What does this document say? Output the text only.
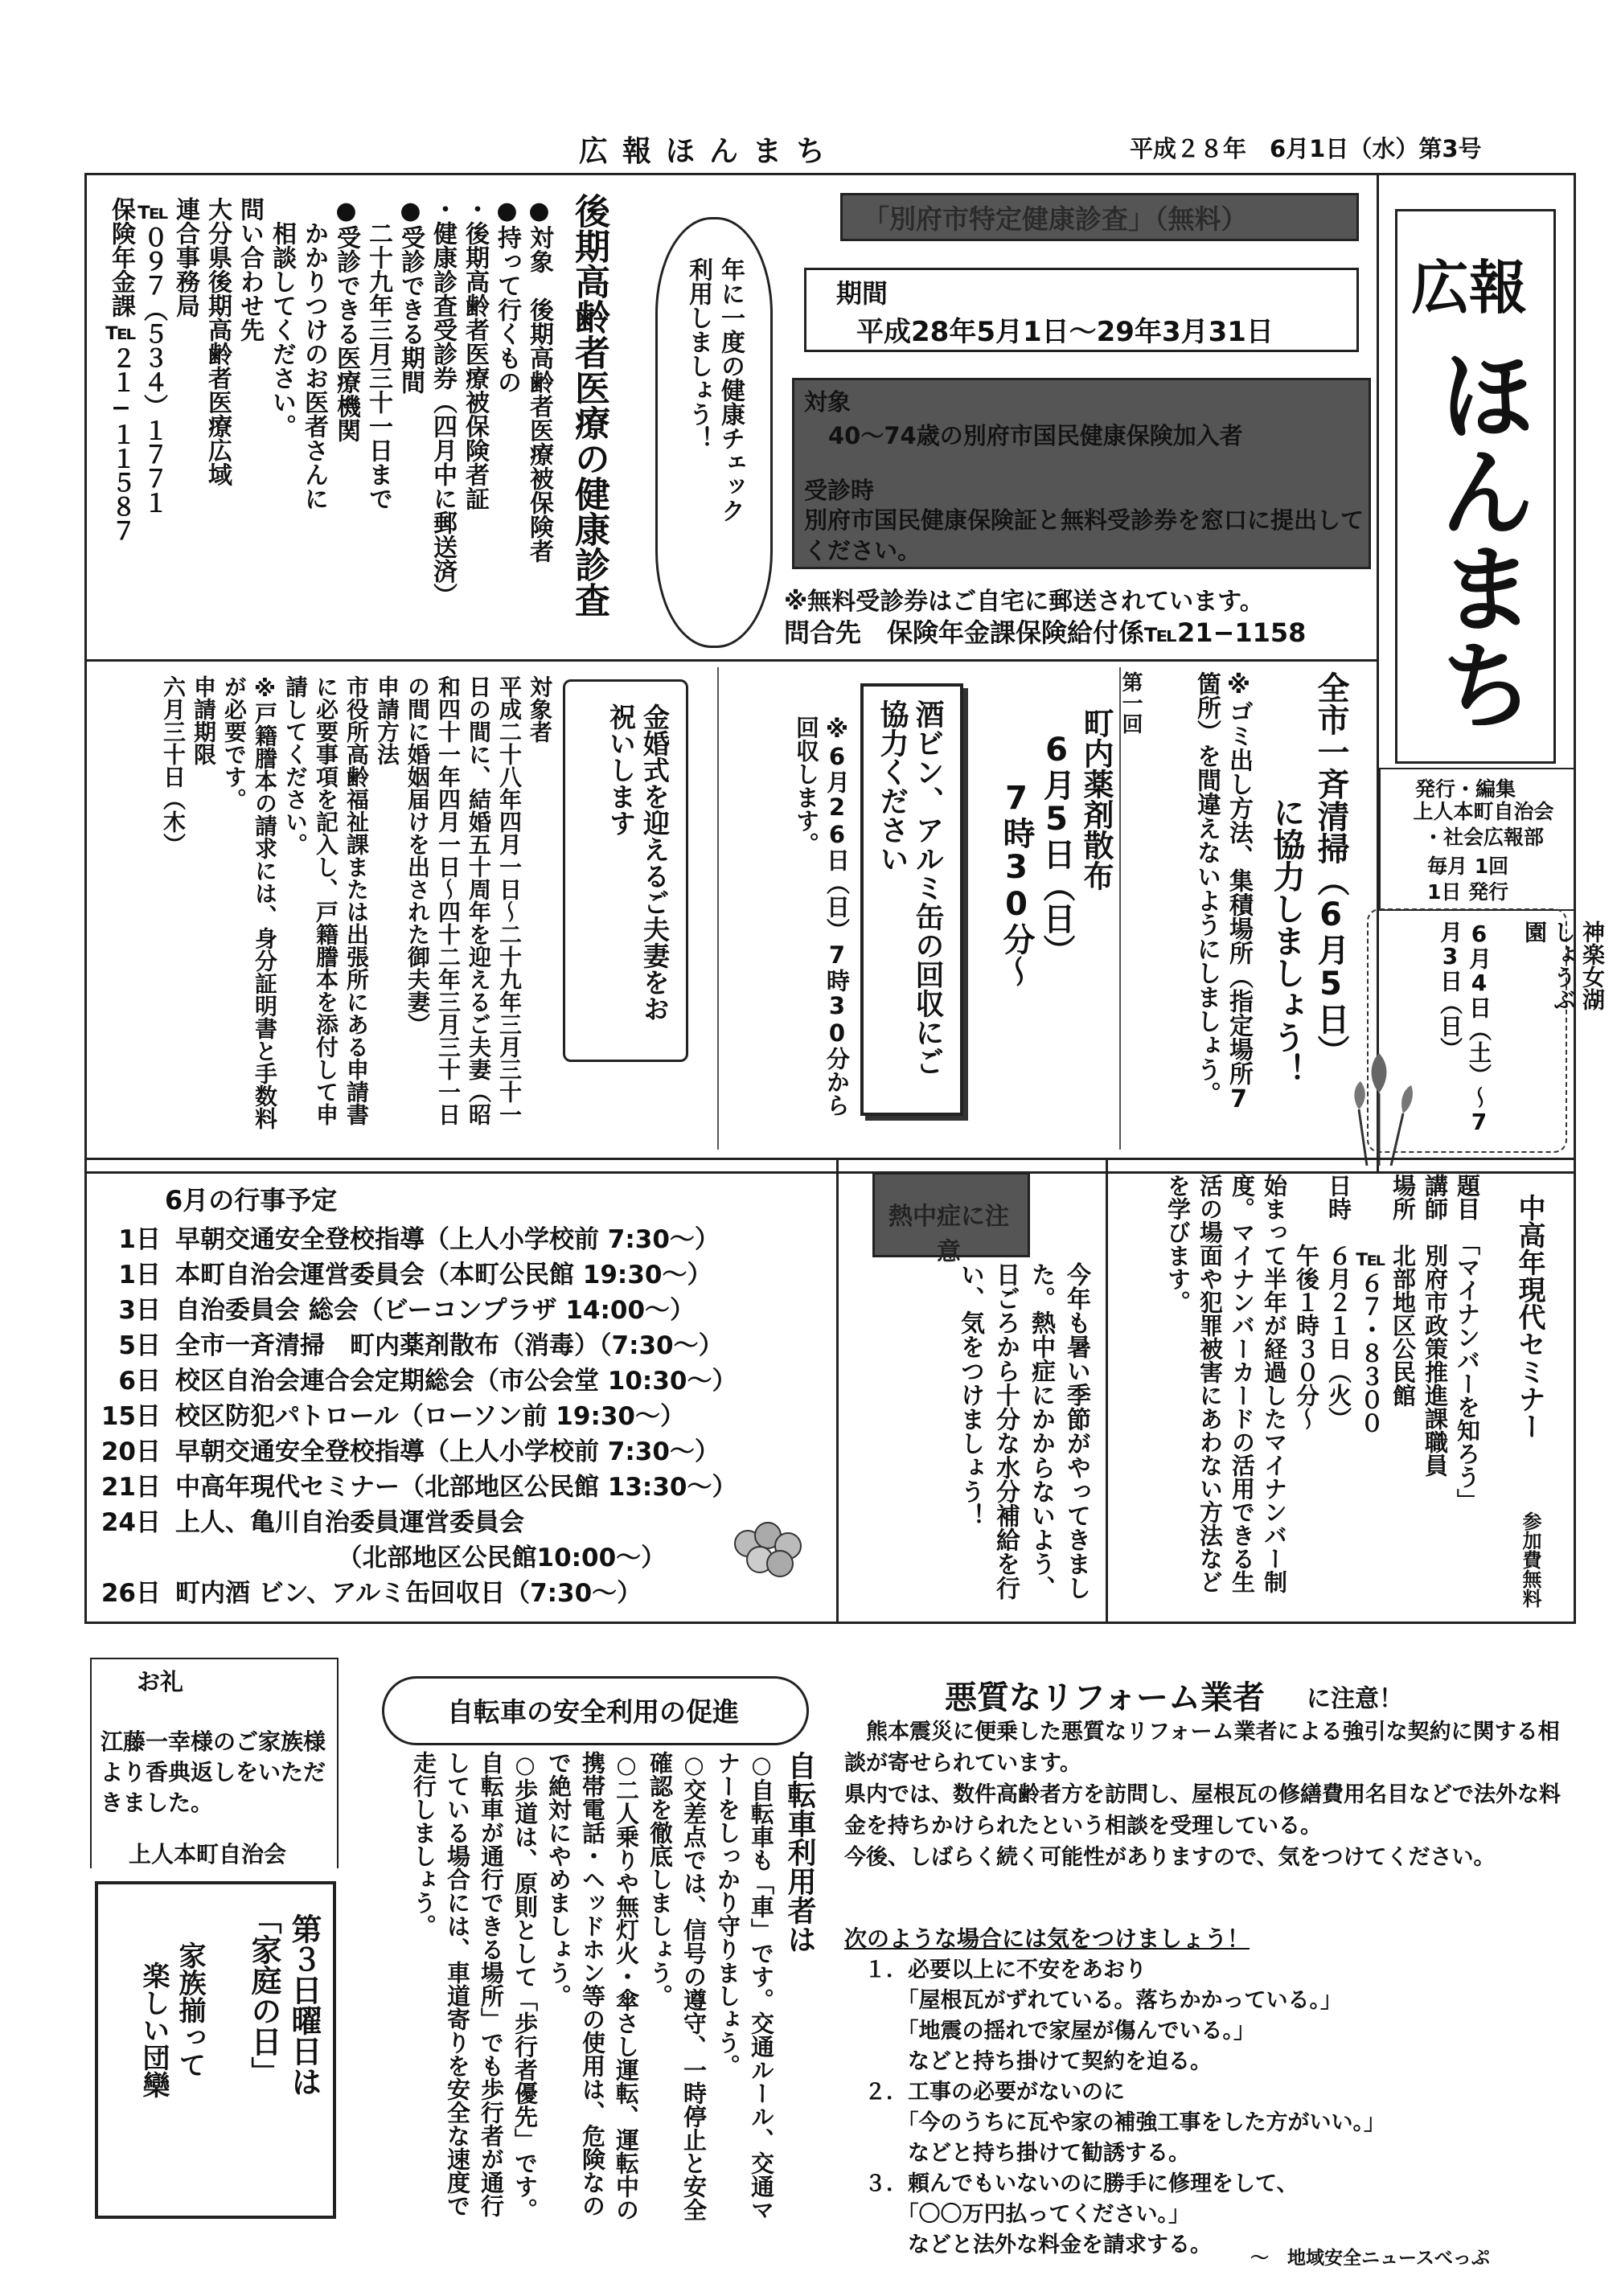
広報ほんまち	平成２８年　6月1日（水）第3号
広報
ほんまち
発行・編集
上人本町自治会
・社会広報部
毎月 1回
1日 発行
神楽女湖しょうぶ園
6月4日（土）〜7月3日（日）
「別府市特定健康診査」（無料）
期間
平成28年5月1日〜29年3月31日
対象
40〜74歳の別府市国民健康保険加入者
受診時
別府市国民健康保険証と無料受診券を窓口に提出してください。
※無料受診券はご自宅に郵送されています。
問合先　保険年金課保険給付係℡21−1158
年に一度の健康チェック
利用しましょう！
後期高齢者医療の健康診査
●対象　後期高齢者医療被保険者
●持って行くもの
・後期高齢者医療被保険者証
・健康診査受診券（四月中に郵送済）
●受診できる期間
　二十九年三月三十一日まで
●受診できる医療機関
　かかりつけのお医者さんに
　相談してください。
問い合わせ先
大分県後期高齢者医療広域
連合事務局
℡０９７（５３４）１７７１
保険年金課℡２１−１１５８７
全市一斉清掃（6月5日）
に協力しましょう！
※ゴミ出し方法、集積場所（指定場所7箇所）を間違えないようにしましょう。
第一回
町内薬剤散布
6月5日（日）
7時30分〜
酒ビン、アルミ缶の回収にご協力ください
※6月26日（日）7時30分から回収します。
金婚式を迎えるご夫妻をお祝いします
対象者
平成二十八年四月一日〜二十九年三月三十一日の間に、結婚五十周年を迎えるご夫妻（昭和四十一年四月一日〜四十二年三月三十一日の間に婚姻届けを出された御夫妻）
申請方法
市役所高齢福祉課または出張所にある申請書に必要事項を記入し、戸籍謄本を添付して申請してください。
※戸籍謄本の請求には、身分証明書と手数料が必要です。
申請期限
六月三十日（木）
6月の行事予定
1日 早朝交通安全登校指導（上人小学校前 7:30〜）
1日 本町自治会運営委員会（本町公民館 19:30〜）
3日 自治委員会 総会（ビーコンプラザ 14:00〜）
5日 全市一斉清掃　町内薬剤散布（消毒）（7:30〜）
6日 校区自治会連合会定期総会（市公会堂 10:30〜）
15日 校区防犯パトロール（ローソン前 19:30〜）
20日 早朝交通安全登校指導（上人小学校前 7:30〜）
21日 中高年現代セミナー（北部地区公民館 13:30〜）
24日 上人、亀川自治委員運営委員会
　　　　　　　（北部地区公民館10:00〜）
26日 町内酒 ビン、アルミ缶回収日（7:30〜）
熱中症に注意
今年も暑い季節がやってきました。熱中症にかからないよう、日ごろから十分な水分補給を行い、気をつけましょう！	中高年現代セミナー
参加費無料
題目　「マイナンバーを知ろう」
講師　別府市政策推進課職員
場所　北部地区公民館
　　　℡６７・８３００
日時　６月２１日（火）
　　　午後１時３０分〜
始まって半年が経過したマイナンバー制度。マイナンバーカードの活用できる生活の場面や犯罪被害にあわない方法などを学びます。
お礼
江藤一幸様のご家族様より香典返しをいただきました。
上人本町自治会
第３日曜日は
「家庭の日」
家族揃って
楽しい団欒
自転車の安全利用の促進
自転車利用者は
○自転車も「車」です。交通ルール、交通マナーをしっかり守りましょう。
○交差点では、信号の遵守、一時停止と安全確認を徹底しましょう。
○二人乗りや無灯火・傘さし運転、運転中の携帯電話・ヘッドホン等の使用は、危険なので絶対にやめましょう。
○歩道は、原則として「歩行者優先」です。自転車が通行できる場所」でも歩行者が通行している場合には、車道寄りを安全な速度で走行しましょう。
悪質なリフォーム業者 に注意！
　熊本震災に便乗した悪質なリフォーム業者による強引な契約に関する相談が寄せられています。
県内では、数件高齢者方を訪問し、屋根瓦の修繕費用名目などで法外な料金を持ちかけられたという相談を受理している。
今後、しばらく続く可能性がありますので、気をつけてください。
次のような場合には気をつけましょう！
１．必要以上に不安をあおり
　　「屋根瓦がずれている。落ちかかっている。」
　　「地震の揺れで家屋が傷んでいる。」
　　などと持ち掛けて契約を迫る。
２．工事の必要がないのに
　　「今のうちに瓦や家の補強工事をした方がいい。」
　　などと持ち掛けて勧誘する。
３．頼んでもいないのに勝手に修理をして、
　　「〇〇万円払ってください。」
　　などと法外な料金を請求する。
〜　地域安全ニュースべっぷ
